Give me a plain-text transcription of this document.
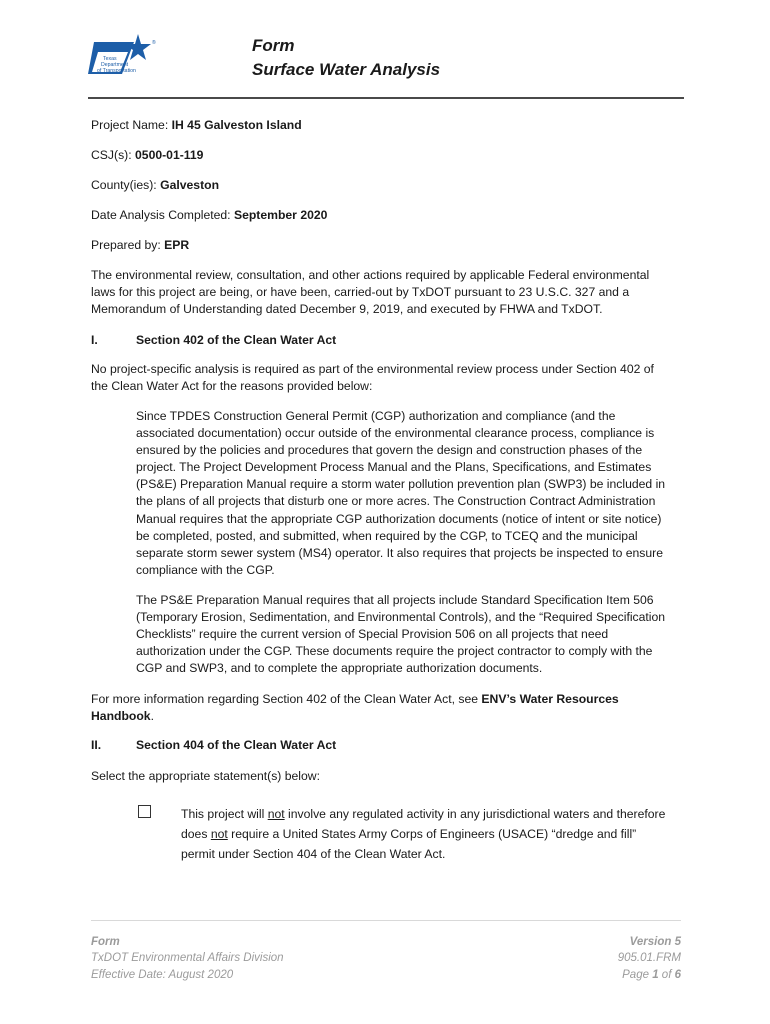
Texas
Department
of Transportation
®	Form
Surface Water Analysis
Project Name: IH 45 Galveston Island
CSJ(s): 0500-01-119
County(ies): Galveston
Date Analysis Completed: September 2020
Prepared by: EPR
The environmental review, consultation, and other actions required by applicable Federal environmental laws for this project are being, or have been, carried-out by TxDOT pursuant to 23 U.S.C. 327 and a Memorandum of Understanding dated December 9, 2019, and executed by FHWA and TxDOT.
I.	Section 402 of the Clean Water Act
No project-specific analysis is required as part of the environmental review process under Section 402 of the Clean Water Act for the reasons provided below:
Since TPDES Construction General Permit (CGP) authorization and compliance (and the associated documentation) occur outside of the environmental clearance process, compliance is ensured by the policies and procedures that govern the design and construction phases of the project. The Project Development Process Manual and the Plans, Specifications, and Estimates (PS&E) Preparation Manual require a storm water pollution prevention plan (SWP3) be included in the plans of all projects that disturb one or more acres. The Construction Contract Administration Manual requires that the appropriate CGP authorization documents (notice of intent or site notice) be completed, posted, and submitted, when required by the CGP, to TCEQ and the municipal separate storm sewer system (MS4) operator. It also requires that projects be inspected to ensure compliance with the CGP.
The PS&E Preparation Manual requires that all projects include Standard Specification Item 506 (Temporary Erosion, Sedimentation, and Environmental Controls), and the “Required Specification Checklists” require the current version of Special Provision 506 on all projects that need authorization under the CGP. These documents require the project contractor to comply with the CGP and SWP3, and to complete the appropriate authorization documents.
For more information regarding Section 402 of the Clean Water Act, see ENV’s Water Resources Handbook.
II.	Section 404 of the Clean Water Act
Select the appropriate statement(s) below:
This project will not involve any regulated activity in any jurisdictional waters and therefore does not require a United States Army Corps of Engineers (USACE) “dredge and fill” permit under Section 404 of the Clean Water Act.
Form
TxDOT Environmental Affairs Division
Effective Date: August 2020
Version 5
905.01.FRM
Page 1 of 6
